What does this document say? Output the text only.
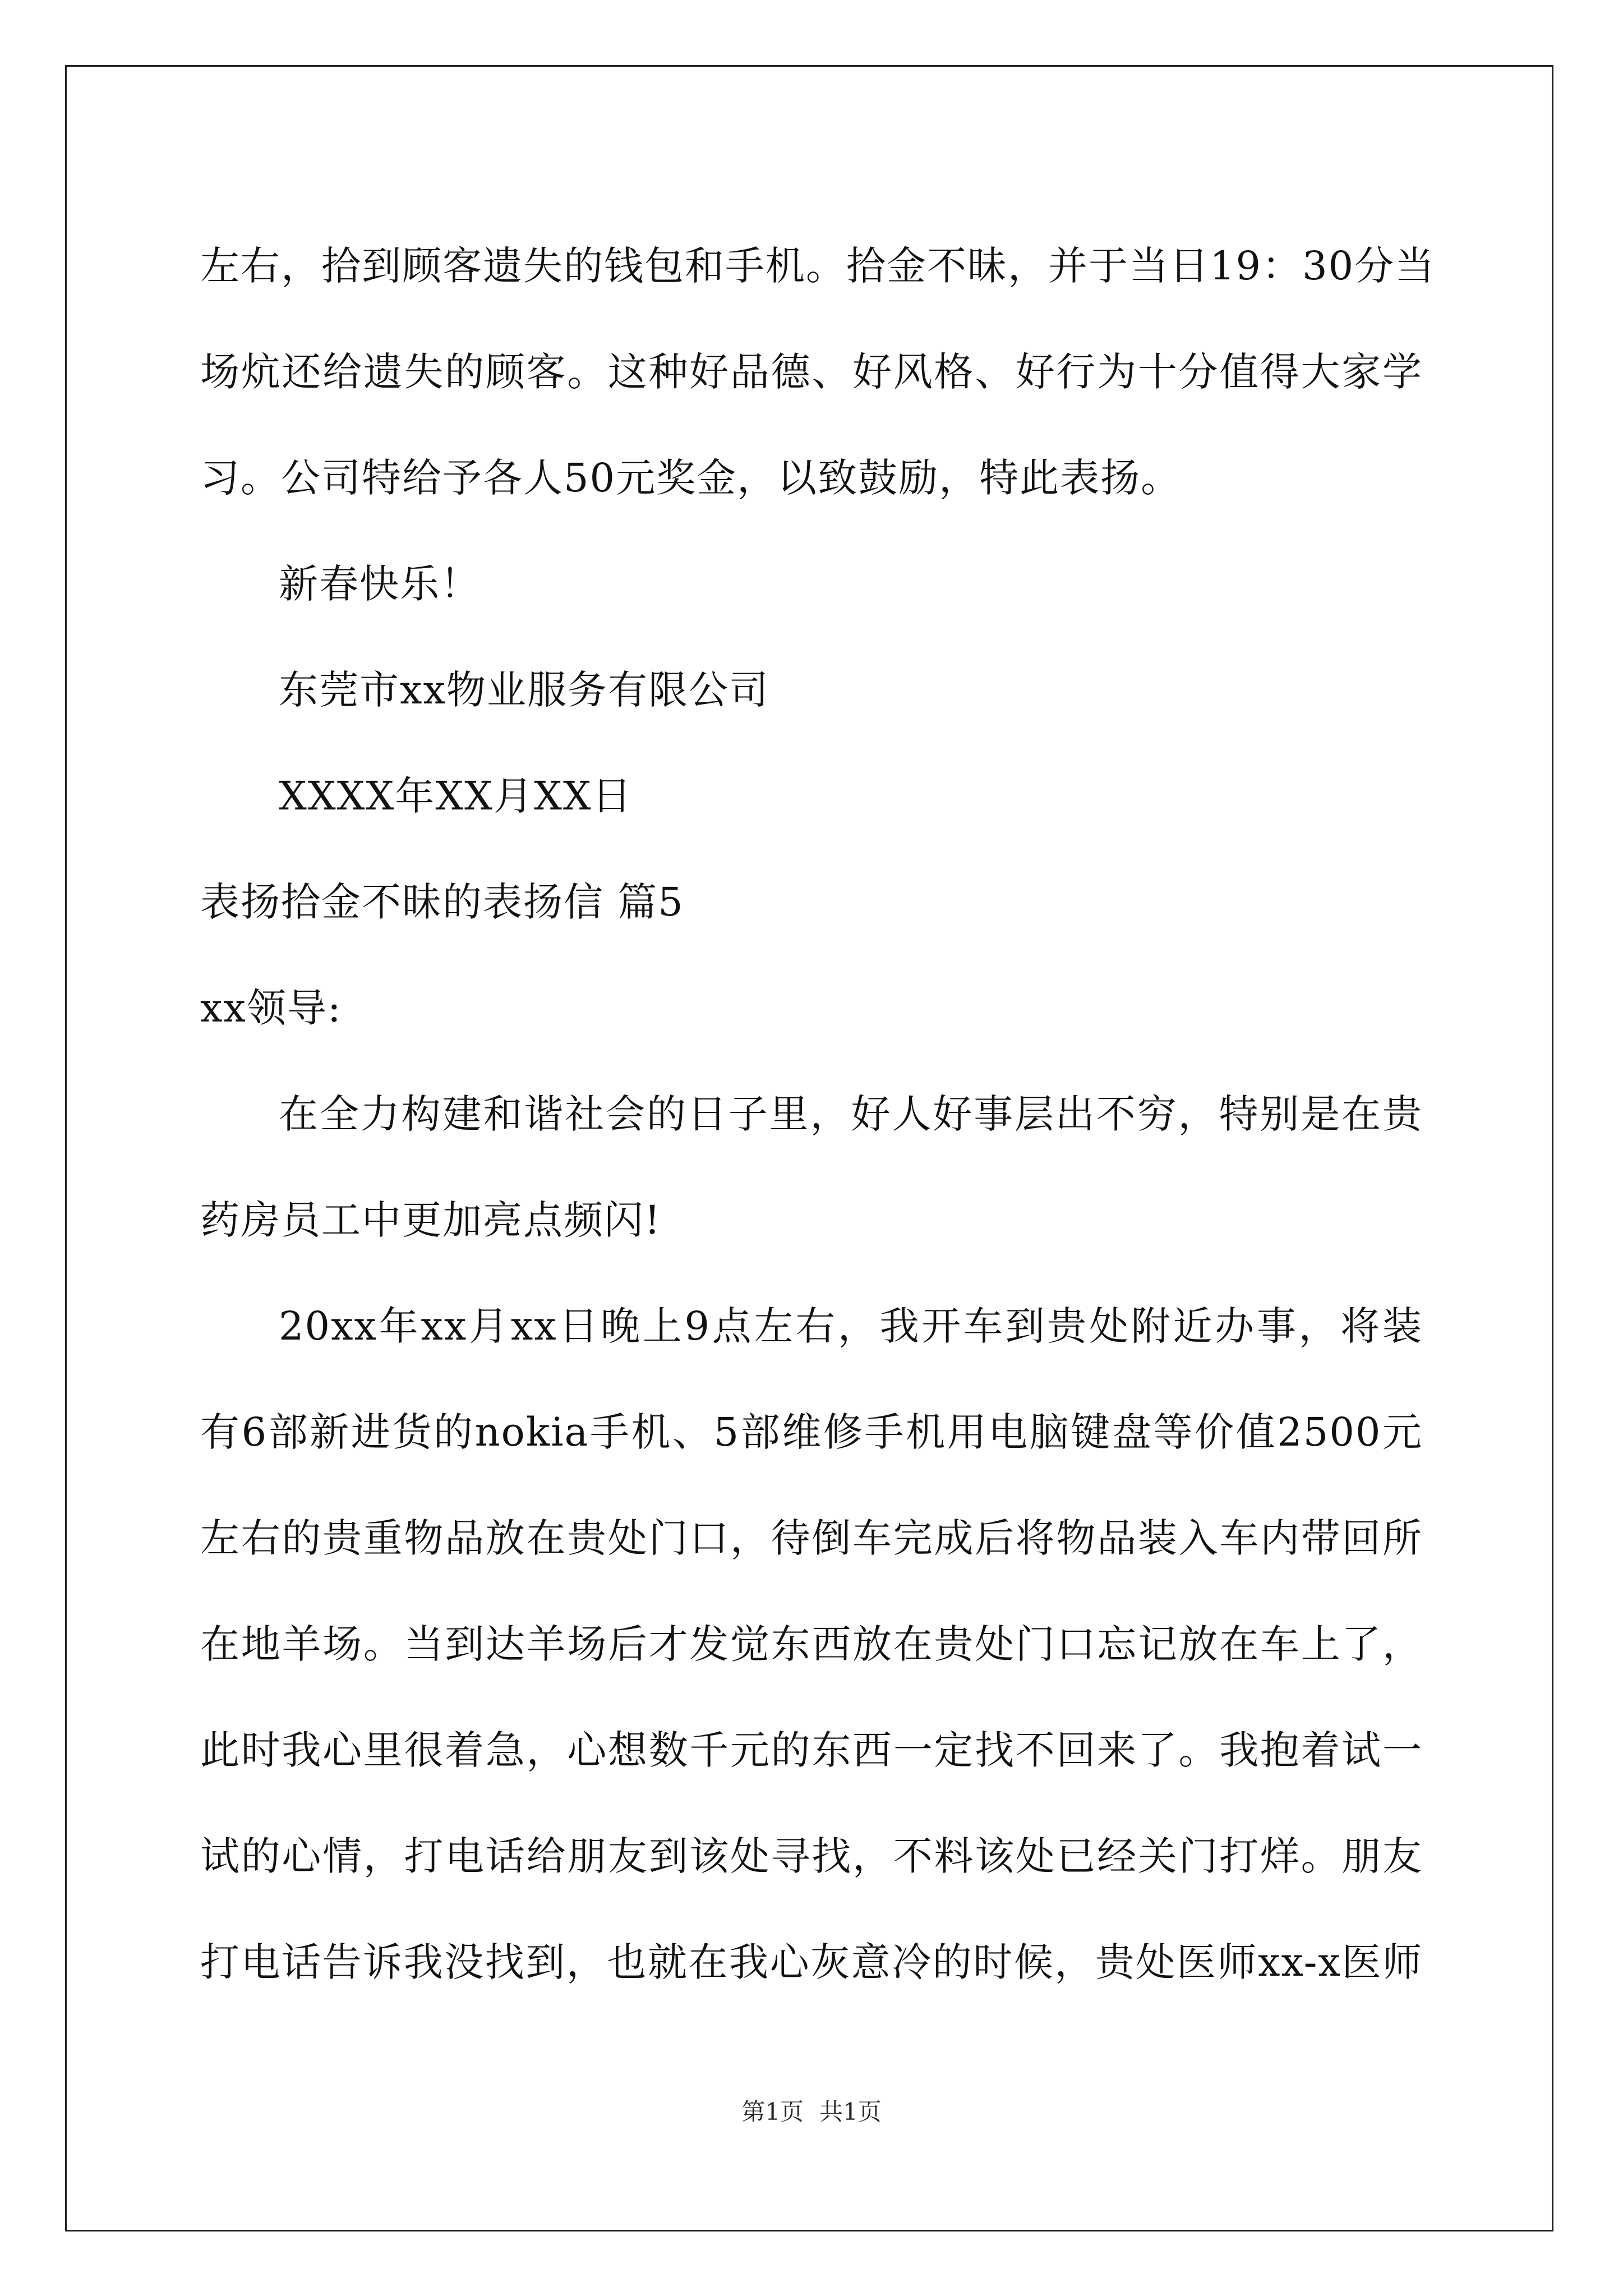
左右，拾到顾客遗失的钱包和手机。拾金不昧，并于当日19：30分当
场炕还给遗失的顾客。这种好品德、好风格、好行为十分值得大家学
习。公司特给予各人50元奖金，以致鼓励，特此表扬。
新春快乐！
东莞市xx物业服务有限公司
XXXX年XX月XX日
表扬拾金不昧的表扬信 篇5
xx领导:
在全力构建和谐社会的日子里，好人好事层出不穷，特别是在贵
药房员工中更加亮点频闪!
20xx年xx月xx日晚上9点左右，我开车到贵处附近办事，将装
有6部新进货的nokia手机、5部维修手机用电脑键盘等价值2500元
左右的贵重物品放在贵处门口，待倒车完成后将物品装入车内带回所
在地羊场。当到达羊场后才发觉东西放在贵处门口忘记放在车上了，
此时我心里很着急，心想数千元的东西一定找不回来了。我抱着试一
试的心情，打电话给朋友到该处寻找，不料该处已经关门打烊。朋友
打电话告诉我没找到，也就在我心灰意冷的时候，贵处医师xx-x医师
第1页 共1页
